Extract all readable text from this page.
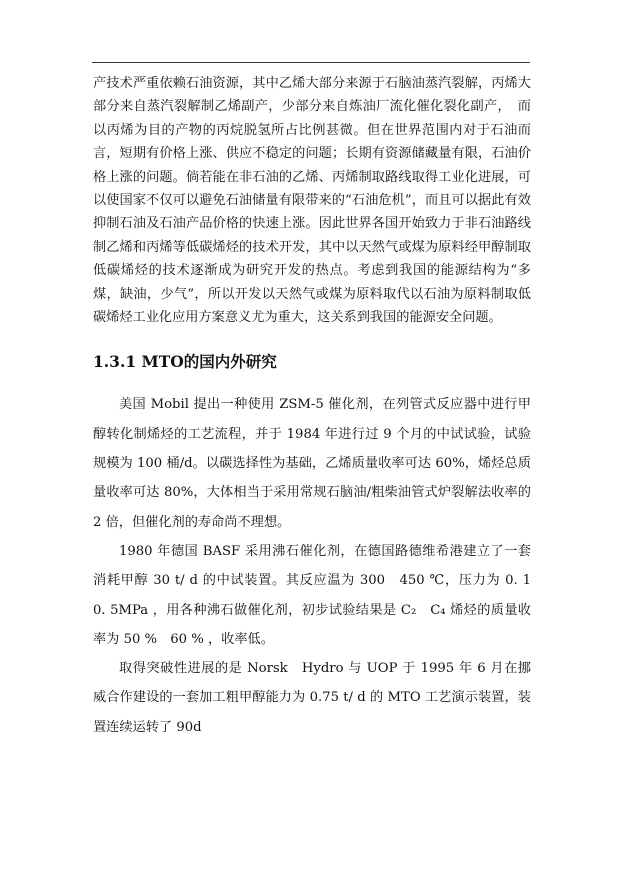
产技术严重依赖石油资源，其中乙烯大部分来源于石脑油蒸汽裂解，丙烯大部分来自蒸汽裂解制乙烯副产，少部分来自炼油厂流化催化裂化副产，　而以丙烯为目的产物的丙烷脱氢所占比例甚微。但在世界范围内对于石油而言，短期有价格上涨、供应不稳定的问题；长期有资源储藏量有限，石油价格上涨的问题。倘若能在非石油的乙烯、丙烯制取路线取得工业化进展，可以使国家不仅可以避免石油储量有限带来的“石油危机”，而且可以据此有效抑制石油及石油产品价格的快速上涨。因此世界各国开始致力于非石油路线制乙烯和丙烯等低碳烯烃的技术开发，其中以天然气或煤为原料经甲醇制取低碳烯烃的技术逐渐成为研究开发的热点。考虑到我国的能源结构为“多煤，缺油，少气”，所以开发以天然气或煤为原料取代以石油为原料制取低碳烯烃工业化应用方案意义尤为重大，这关系到我国的能源安全问题。

1.3.1 MTO的国内外研究

美国 Mobil 提出一种使用 ZSM-5 催化剂，在列管式反应器中进行甲醇转化制烯烃的工艺流程，并于 1984 年进行过 9 个月的中试试验，试验规模为 100 桶/d。以碳选择性为基础，乙烯质量收率可达 60%，烯烃总质量收率可达 80%，大体相当于采用常规石脑油/粗柴油管式炉裂解法收率的 2 倍，但催化剂的寿命尚不理想。

1980 年德国 BASF 采用沸石催化剂，在德国路德维希港建立了一套消耗甲醇 30 t/ d 的中试装置。其反应温为 300　450 ℃，压力为 0. 1　0. 5MPa ，用各种沸石做催化剂，初步试验结果是 C₂　C₄ 烯烃的质量收率为 50 %　60 % ，收率低。

取得突破性进展的是 Norsk　Hydro 与 UOP 于 1995 年 6 月在挪威合作建设的一套加工粗甲醇能力为 0.75 t/ d 的 MTO 工艺演示装置，装置连续运转了 90d
